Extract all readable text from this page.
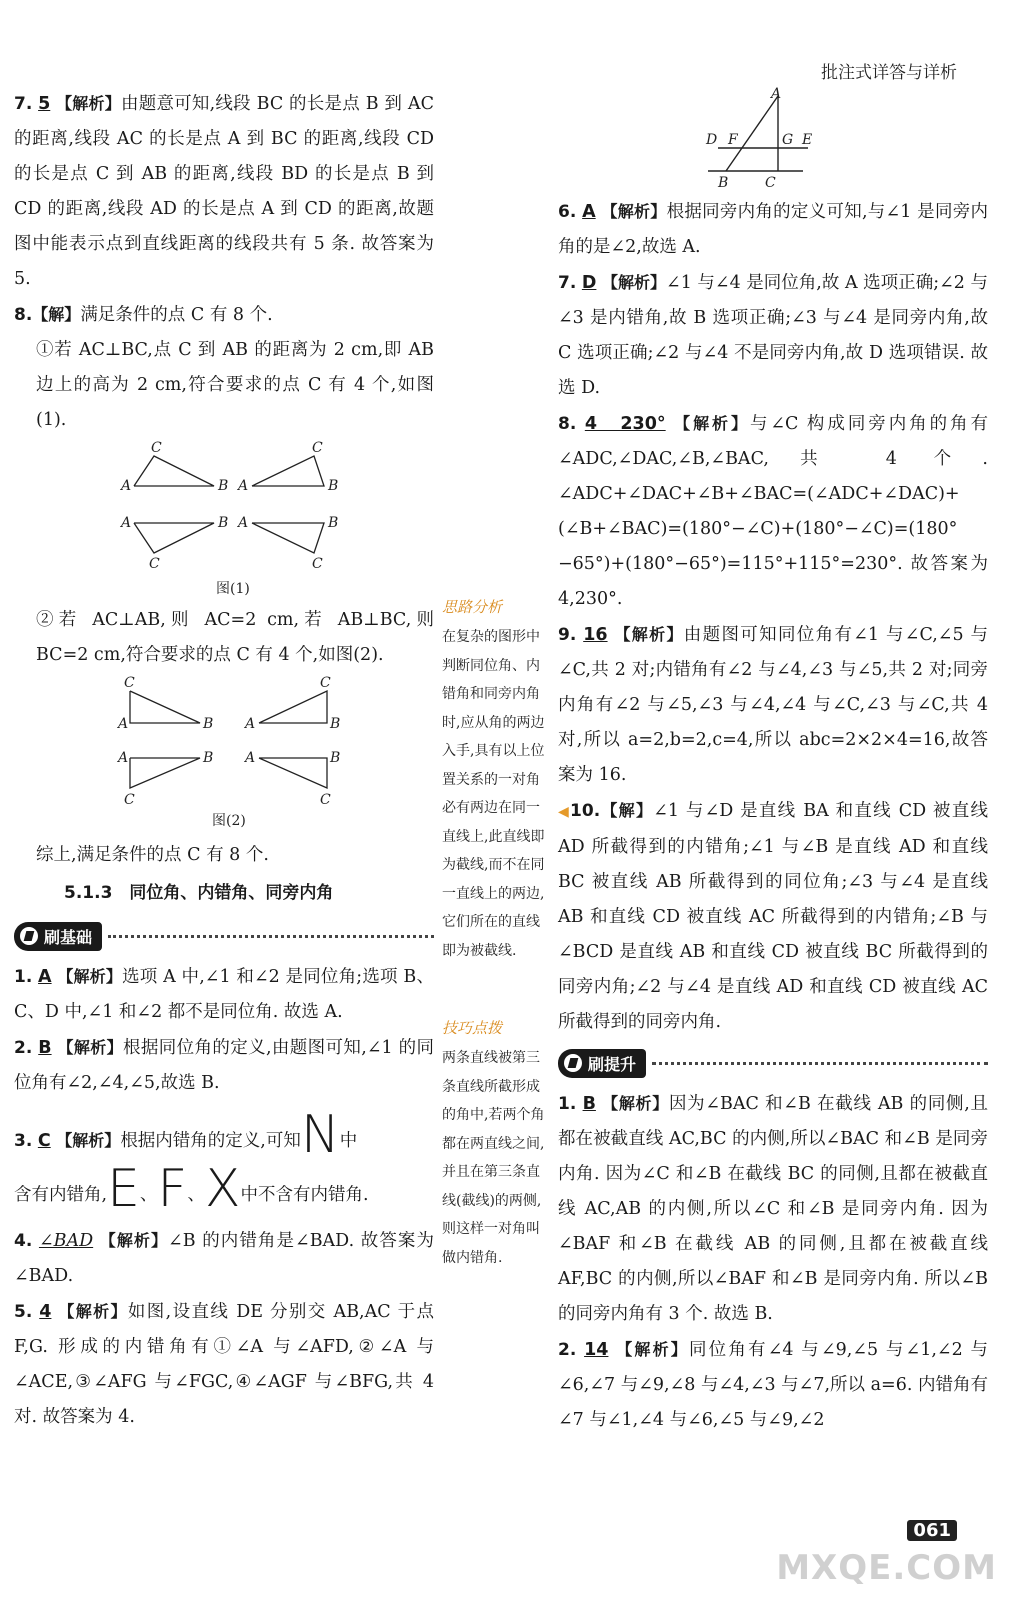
批注式详答与详析

7. 5 【解析】由题意可知,线段 BC 的长是点 B 到 AC 的距离,线段 AC 的长是点 A 到 BC 的距离,线段 CD 的长是点 C 到 AB 的距离,线段 BD 的长是点 B 到 CD 的距离,线段 AD 的长是点 A 到 CD 的距离,故题图中能表示点到直线距离的线段共有 5 条. 故答案为 5.

8.【解】满足条件的点 C 有 8 个.

①若 AC⊥BC,点 C 到 AB 的距离为 2 cm,即 AB 边上的高为 2 cm,符合要求的点 C 有 4 个,如图(1).

C
A	B
C
A	B
A	B
C
A	B
C
图(1)

②若 AC⊥AB,则 AC=2 cm,若 AB⊥BC,则 BC=2 cm,符合要求的点 C 有 4 个,如图(2).

C
A	B
C
A	B
A	B
C
A	B
C
图(2)

综上,满足条件的点 C 有 8 个.

5.1.3　同位角、内错角、同旁内角
刷基础

1. A 【解析】选项 A 中,∠1 和∠2 是同位角;选项 B、C、D 中,∠1 和∠2 都不是同位角. 故选 A.

2. B 【解析】根据同位角的定义,由题图可知,∠1 的同位角有∠2,∠4,∠5,故选 B.

3. C 【解析】根据内错角的定义,可知N中
含有内错角,E、F、X中不含有内错角.

4. ∠BAD 【解析】∠B 的内错角是∠BAD. 故答案为∠BAD.

5. 4 【解析】如图,设直线 DE 分别交 AB,AC 于点 F,G. 形成的内错角有①∠A 与∠AFD,②∠A 与∠ACE,③∠AFG 与∠FGC,④∠AGF 与∠BFG,共 4 对. 故答案为 4.

思路分析
在复杂的图形中判断同位角、内错角和同旁内角时,应从角的两边入手,具有以上位置关系的一对角必有两边在同一直线上,此直线即为截线,而不在同一直线上的两边,它们所在的直线即为被截线.
技巧点拨
两条直线被第三条直线所截形成的角中,若两个角都在两直线之间,并且在第三条直线(截线)的两侧,则这样一对角叫做内错角.
A
D F	G E
B	C

6. A 【解析】根据同旁内角的定义可知,与∠1 是同旁内角的是∠2,故选 A.

7. D 【解析】∠1 与∠4 是同位角,故 A 选项正确;∠2 与∠3 是内错角,故 B 选项正确;∠3 与∠4 是同旁内角,故 C 选项正确;∠2 与∠4 不是同旁内角,故 D 选项错误. 故选 D.

8. 4　230° 【解析】与∠C 构成同旁内角的角有∠ADC,∠DAC,∠B,∠BAC,共 4 个. ∠ADC+∠DAC+∠B+∠BAC=(∠ADC+∠DAC)+(∠B+∠BAC)=(180°−∠C)+(180°−∠C)=(180°−65°)+(180°−65°)=115°+115°=230°. 故答案为 4,230°.

9. 16 【解析】由题图可知同位角有∠1 与∠C,∠5 与∠C,共 2 对;内错角有∠2 与∠4,∠3 与∠5,共 2 对;同旁内角有∠2 与∠5,∠3 与∠4,∠4 与∠C,∠3 与∠C,共 4 对,所以 a=2,b=2,c=4,所以 abc=2×2×4=16,故答案为 16.

◀10.【解】∠1 与∠D 是直线 BA 和直线 CD 被直线 AD 所截得到的内错角;∠1 与∠B 是直线 AD 和直线 BC 被直线 AB 所截得到的同位角;∠3 与∠4 是直线 AB 和直线 CD 被直线 AC 所截得到的内错角;∠B 与∠BCD 是直线 AB 和直线 CD 被直线 BC 所截得到的同旁内角;∠2 与∠4 是直线 AD 和直线 CD 被直线 AC 所截得到的同旁内角.

刷提升

1. B 【解析】因为∠BAC 和∠B 在截线 AB 的同侧,且都在被截直线 AC,BC 的内侧,所以∠BAC 和∠B 是同旁内角. 因为∠C 和∠B 在截线 BC 的同侧,且都在被截直线 AC,AB 的内侧,所以∠C 和∠B 是同旁内角. 因为∠BAF 和∠B 在截线 AB 的同侧,且都在被截直线 AF,BC 的内侧,所以∠BAF 和∠B 是同旁内角. 所以∠B 的同旁内角有 3 个. 故选 B.

2. 14 【解析】同位角有∠4 与∠9,∠5 与∠1,∠2 与∠6,∠7 与∠9,∠8 与∠4,∠3 与∠7,所以 a=6. 内错角有∠7 与∠1,∠4 与∠6,∠5 与∠9,∠2

061
MXQE.COM
